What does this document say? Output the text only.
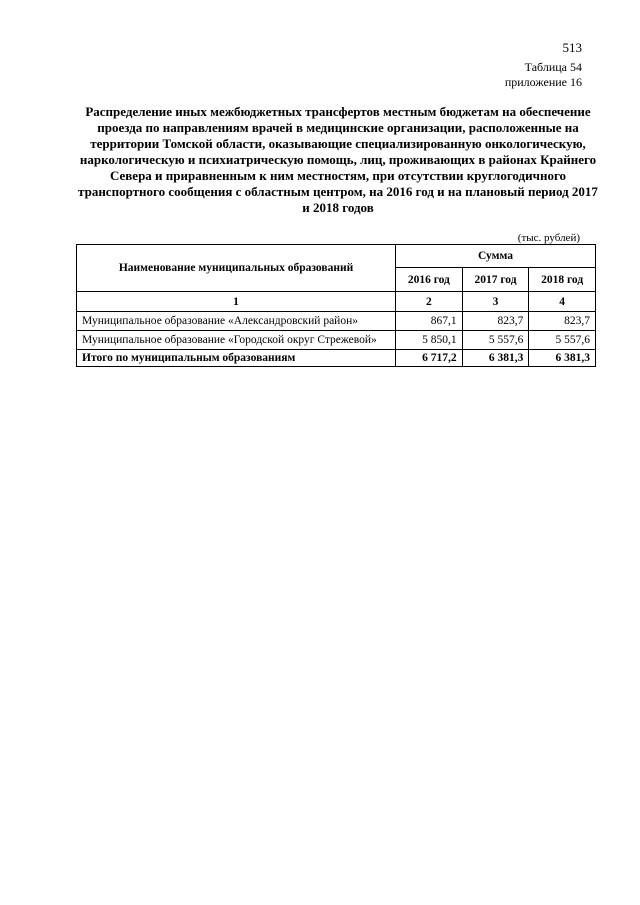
513
Таблица 54
приложение 16
Распределение иных межбюджетных трансфертов местным бюджетам на обеспечение проезда по направлениям врачей в медицинские организации, расположенные на территории Томской области, оказывающие специализированную онкологическую, наркологическую и психиатрическую помощь, лиц, проживающих в районах Крайнего Севера и приравненным к ним местностям, при отсутствии круглогодичного транспортного сообщения с областным центром, на 2016 год и на плановый период 2017 и 2018 годов
(тыс. рублей)
Наименование муниципальных образований	Сумма		
	2016 год	2017 год	2018 год
1	2	3	4
Муниципальное образование «Александровский район»	867,1	823,7	823,7
Муниципальное образование «Городской округ Стрежевой»	5 850,1	5 557,6	5 557,6
Итого по муниципальным образованиям	6 717,2	6 381,3	6 381,3
